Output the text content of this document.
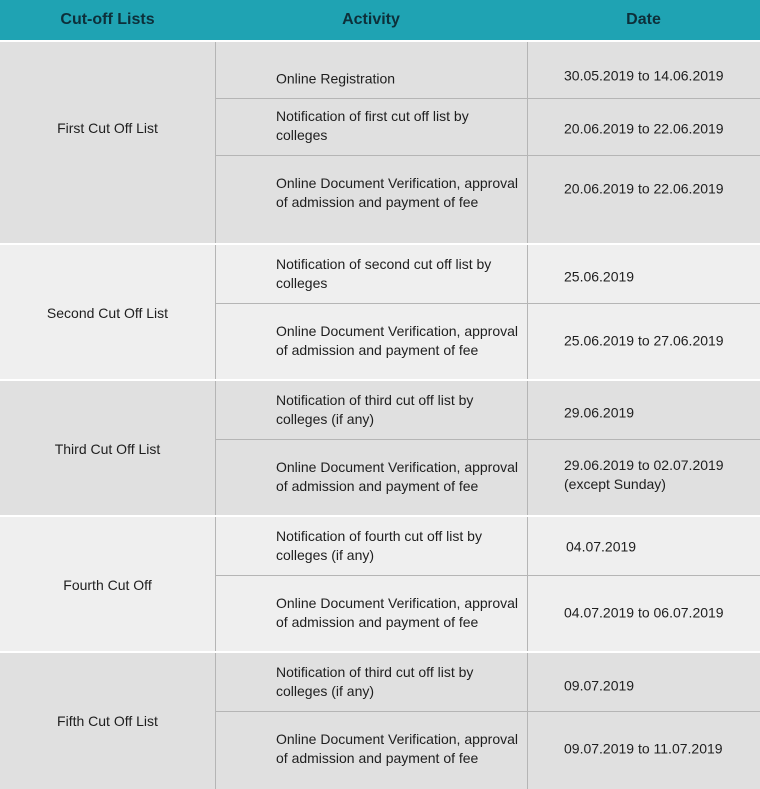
Cut-off Lists	Activity	Date
First Cut Off List
Online Registration	30.05.2019 to 14.06.2019
Notification of first cut off list by colleges	20.06.2019 to 22.06.2019
Online Document Verification, approval of admission and payment of fee
20.06.2019 to 22.06.2019
Second Cut Off List
Notification of second cut off list by colleges	25.06.2019
Online Document Verification, approval of admission and payment of fee
25.06.2019 to 27.06.2019
Third Cut Off List
Notification of third cut off list by colleges (if any)	29.06.2019
Online Document Verification, approval of admission and payment of fee
29.06.2019 to 02.07.2019
(except Sunday)
Fourth Cut Off
Notification of fourth cut off list by colleges (if any)
04.07.2019
Online Document Verification, approval of admission and payment of fee
04.07.2019 to 06.07.2019
Fifth Cut Off List
Notification of third cut off list by colleges (if any)	09.07.2019
Online Document Verification, approval of admission and payment of fee
09.07.2019 to 11.07.2019
